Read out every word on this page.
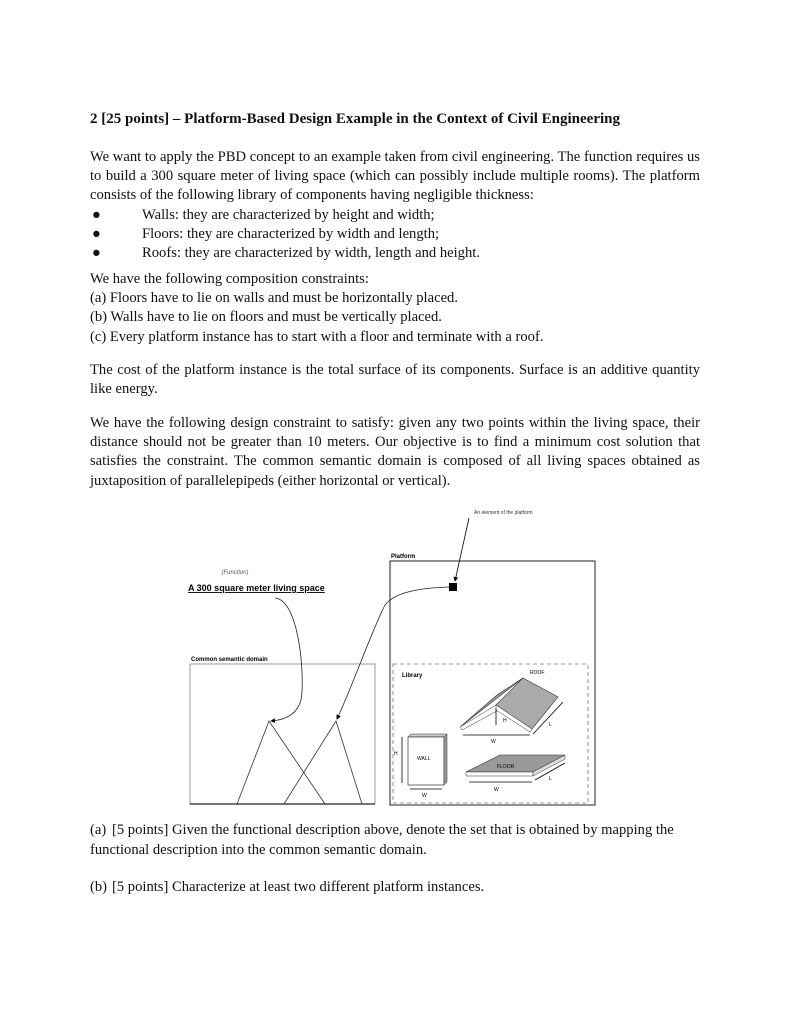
2 [25 points] – Platform-Based Design Example in the Context of Civil Engineering

We want to apply the PBD concept to an example taken from civil engineering. The function requires us to build a 300 square meter of living space (which can possibly include multiple rooms). The platform consists of the following library of components having negligible thickness:

●	Walls: they are characterized by height and width;
●	Floors: they are characterized by width and length;
●	Roofs: they are characterized by width, length and height.

We have the following composition constraints:

(a) Floors have to lie on walls and must be horizontally placed.

(b) Walls have to lie on floors and must be vertically placed.

(c) Every platform instance has to start with a floor and terminate with a roof.

The cost of the platform instance is the total surface of its components. Surface is an additive quantity like energy.
We have the following design constraint to satisfy: given any two points within the living space, their distance should not be greater than 10 meters. Our objective is to find a minimum cost solution that satisfies the constraint. The common semantic domain is composed of all living spaces obtained as juxtaposition of parallelepipeds (either horizontal or vertical).
An element of the platform
Platform
(Function)
A 300 square meter living space
Common semantic domain
Library	ROOF
H
W
L
WALL
H
W
FLOOR
W
L
(a) [5 points] Given the functional description above, denote the set that is obtained by mapping the functional description into the common semantic domain.
(b) [5 points] Characterize at least two different platform instances.
